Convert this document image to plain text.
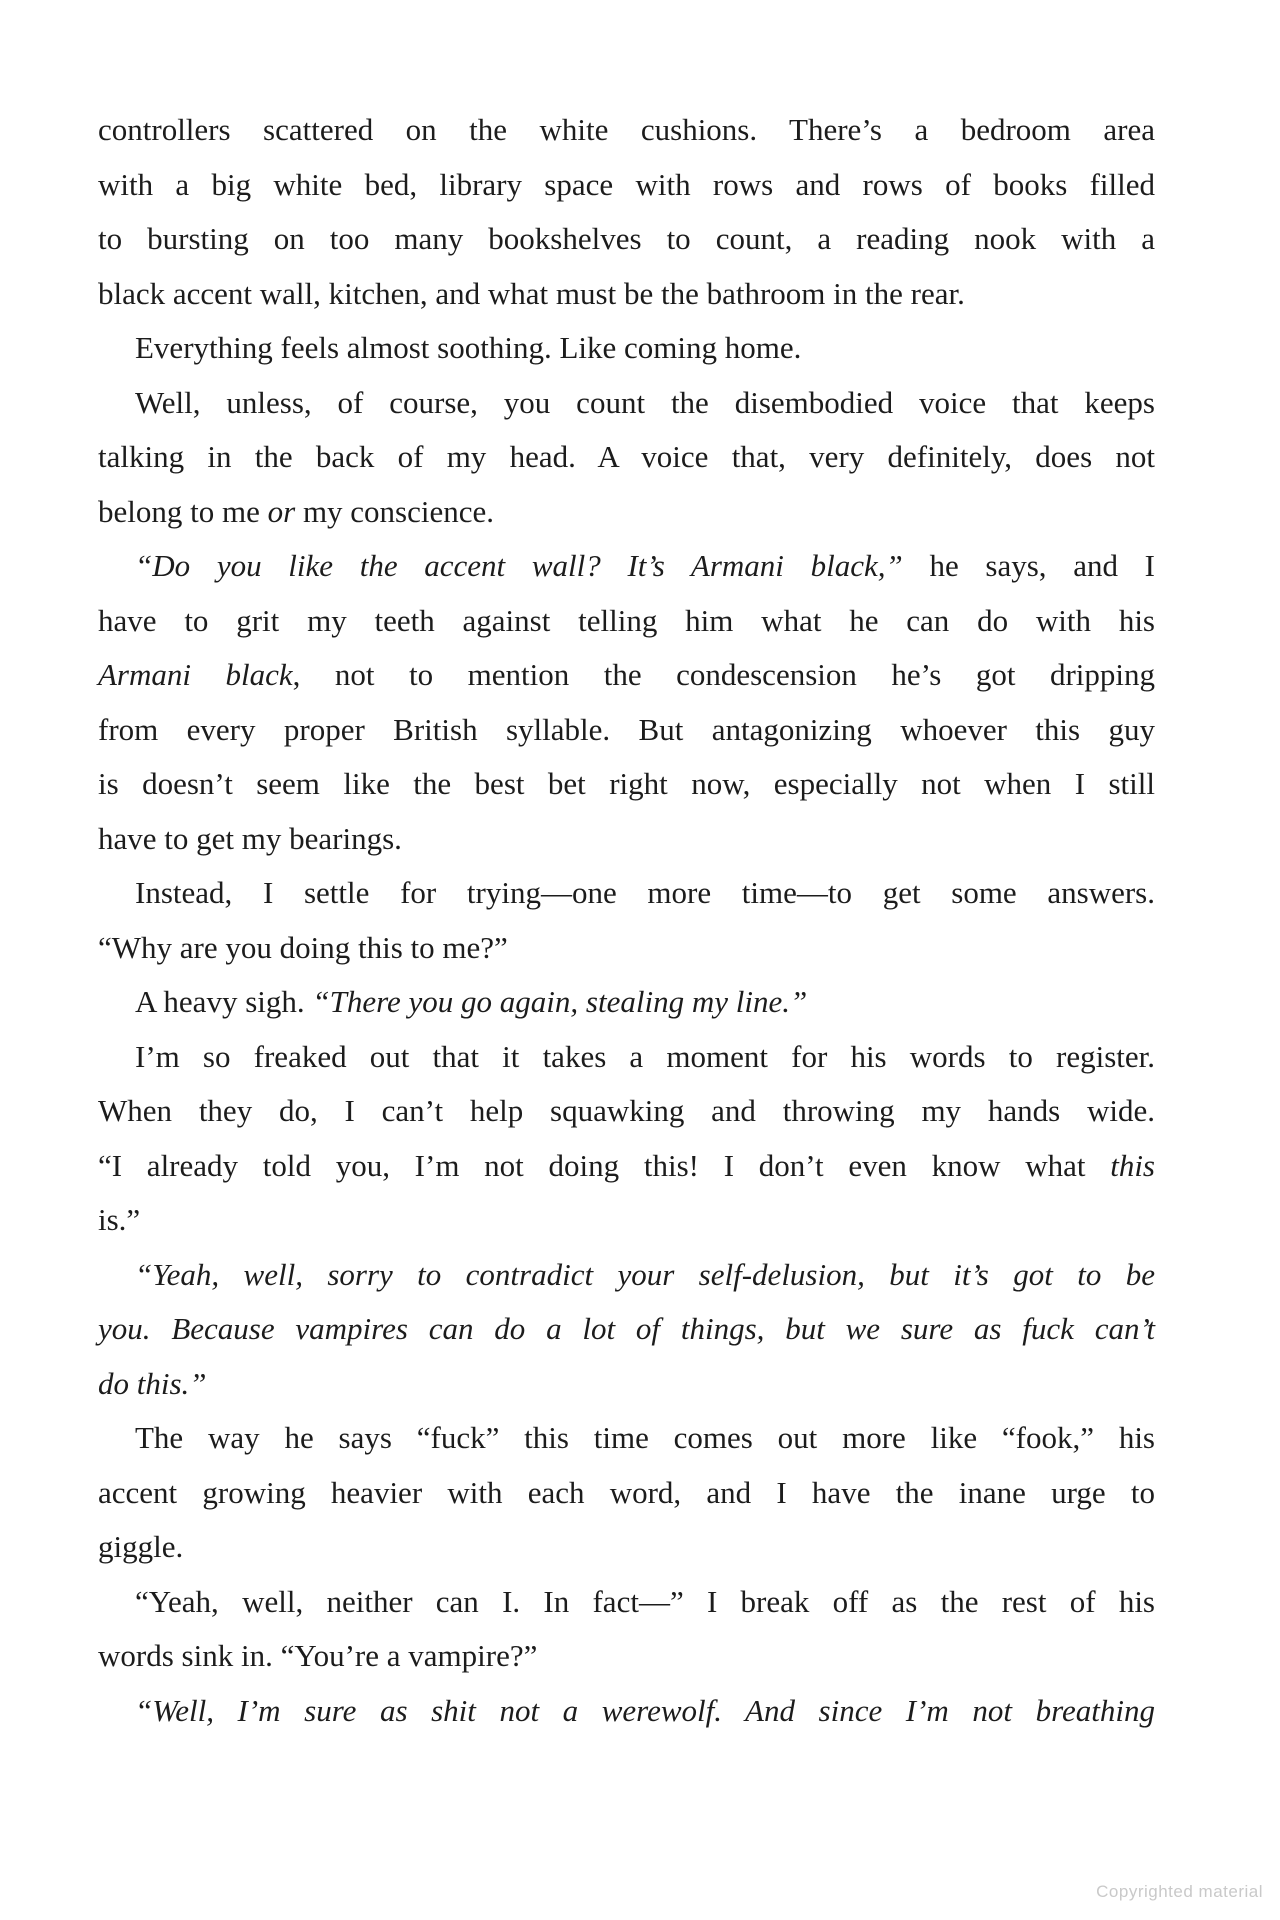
controllers scattered on the white cushions. There’s a bedroom area
with a big white bed, library space with rows and rows of books filled
to bursting on too many bookshelves to count, a reading nook with a
black accent wall, kitchen, and what must be the bathroom in the rear.
Everything feels almost soothing. Like coming home.
Well, unless, of course, you count the disembodied voice that keeps
talking in the back of my head. A voice that, very definitely, does not
belong to me or my conscience.
“Do you like the accent wall? It’s Armani black,” he says, and I
have to grit my teeth against telling him what he can do with his
Armani black, not to mention the condescension he’s got dripping
from every proper British syllable. But antagonizing whoever this guy
is doesn’t seem like the best bet right now, especially not when I still
have to get my bearings.
Instead, I settle for trying—one more time—to get some answers.
“Why are you doing this to me?”
A heavy sigh. “There you go again, stealing my line.”
I’m so freaked out that it takes a moment for his words to register.
When they do, I can’t help squawking and throwing my hands wide.
“I already told you, I’m not doing this! I don’t even know what this
is.”
“Yeah, well, sorry to contradict your self-delusion, but it’s got to be
you. Because vampires can do a lot of things, but we sure as fuck can’t
do this.”
The way he says “fuck” this time comes out more like “fook,” his
accent growing heavier with each word, and I have the inane urge to
giggle.
“Yeah, well, neither can I. In fact—” I break off as the rest of his
words sink in. “You’re a vampire?”
“Well, I’m sure as shit not a werewolf. And since I’m not breathing
Copyrighted material
